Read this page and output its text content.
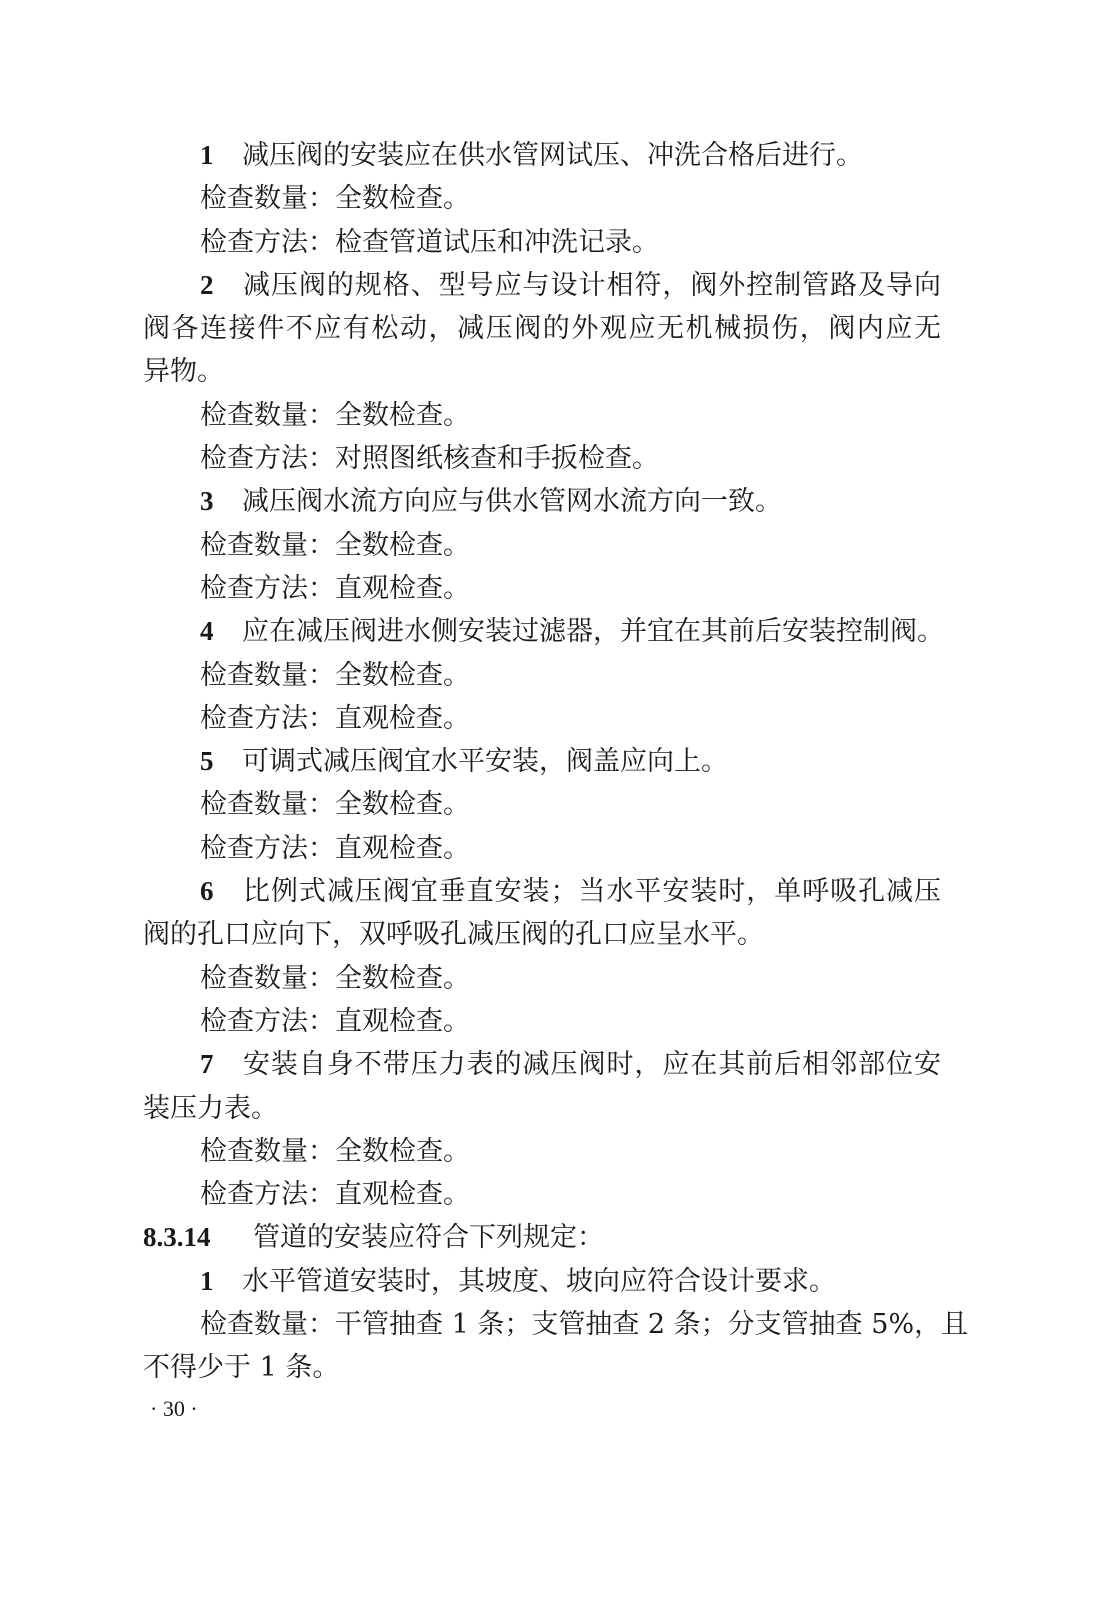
1 减压阀的安装应在供水管网试压、冲洗合格后进行。
检查数量：全数检查。
检查方法：检查管道试压和冲洗记录。
2 减压阀的规格、型号应与设计相符，阀外控制管路及导向
阀各连接件不应有松动，减压阀的外观应无机械损伤，阀内应无
异物。
检查数量：全数检查。
检查方法：对照图纸核查和手扳检查。
3 减压阀水流方向应与供水管网水流方向一致。
检查数量：全数检查。
检查方法：直观检查。
4 应在减压阀进水侧安装过滤器，并宜在其前后安装控制阀。
检查数量：全数检查。
检查方法：直观检查。
5 可调式减压阀宜水平安装，阀盖应向上。
检查数量：全数检查。
检查方法：直观检查。
6 比例式减压阀宜垂直安装；当水平安装时，单呼吸孔减压
阀的孔口应向下，双呼吸孔减压阀的孔口应呈水平。
检查数量：全数检查。
检查方法：直观检查。
7 安装自身不带压力表的减压阀时，应在其前后相邻部位安
装压力表。
检查数量：全数检查。
检查方法：直观检查。
8.3.14 管道的安装应符合下列规定：
1 水平管道安装时，其坡度、坡向应符合设计要求。
检查数量：干管抽查 1 条；支管抽查 2 条；分支管抽查 5%，且
不得少于 1 条。
· 30 ·
